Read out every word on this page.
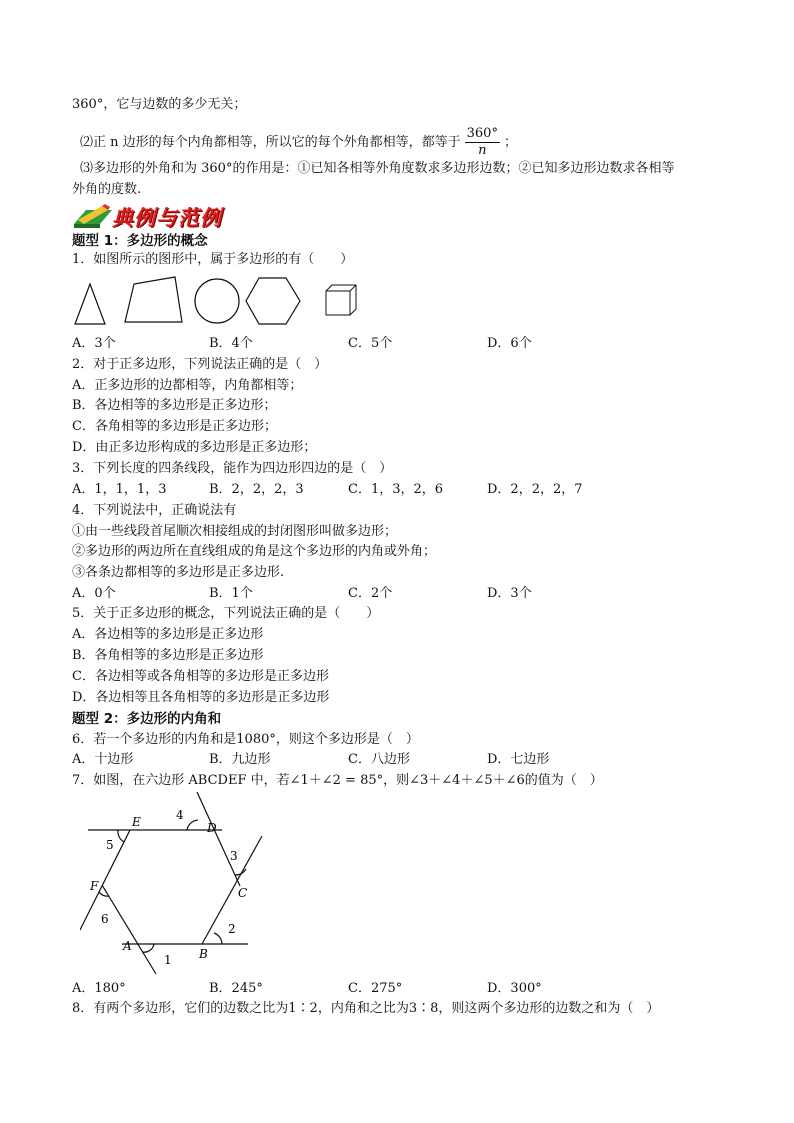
360°，它与边数的多少无关；
⑵正 n 边形的每个内角都相等，所以它的每个外角都相等，都等于 $\frac{360^\circ}{n}$ ；
⑶多边形的外角和为 360°的作用是：①已知各相等外角度数求多边形边数；②已知多边形边数求各相等
外角的度数.
典例与范例
题型 1：多边形的概念
1．如图所示的图形中，属于多边形的有（　　）
A．3个	B．4个	C．5个	D．6个
2．对于正多边形，下列说法正确的是（　）
A．正多边形的边都相等，内角都相等；
B．各边相等的多边形是正多边形；
C．各角相等的多边形是正多边形；
D．由正多边形构成的多边形是正多边形；
3．下列长度的四条线段，能作为四边形四边的是（　）
A．1，1，1，3	B．2，2，2，3	C．1，3，2，6	D．2，2，2，7
4．下列说法中，正确说法有
①由一些线段首尾顺次相接组成的封闭图形叫做多边形；
②多边形的两边所在直线组成的角是这个多边形的内角或外角；
③各条边都相等的多边形是正多边形.
A．0个	B．1个	C．2个	D．3个
5．关于正多边形的概念，下列说法正确的是（　　）
A．各边相等的多边形是正多边形
B．各角相等的多边形是正多边形
C．各边相等或各角相等的多边形是正多边形
D．各边相等且各角相等的多边形是正多边形
题型 2：多边形的内角和
6．若一个多边形的内角和是1080°，则这个多边形是（　）
A．十边形	B．九边形	C．八边形	D．七边形
7．如图，在六边形 ABCDEF 中，若∠1＋∠2 = 85°，则∠3＋∠4＋∠5＋∠6的值为（　）
E	D
C
B
A
F
4
5
3
2
1
6
A．180°	B．245°	C．275°	D．300°
8．有两个多边形，它们的边数之比为1∶2，内角和之比为3∶8，则这两个多边形的边数之和为（　）
